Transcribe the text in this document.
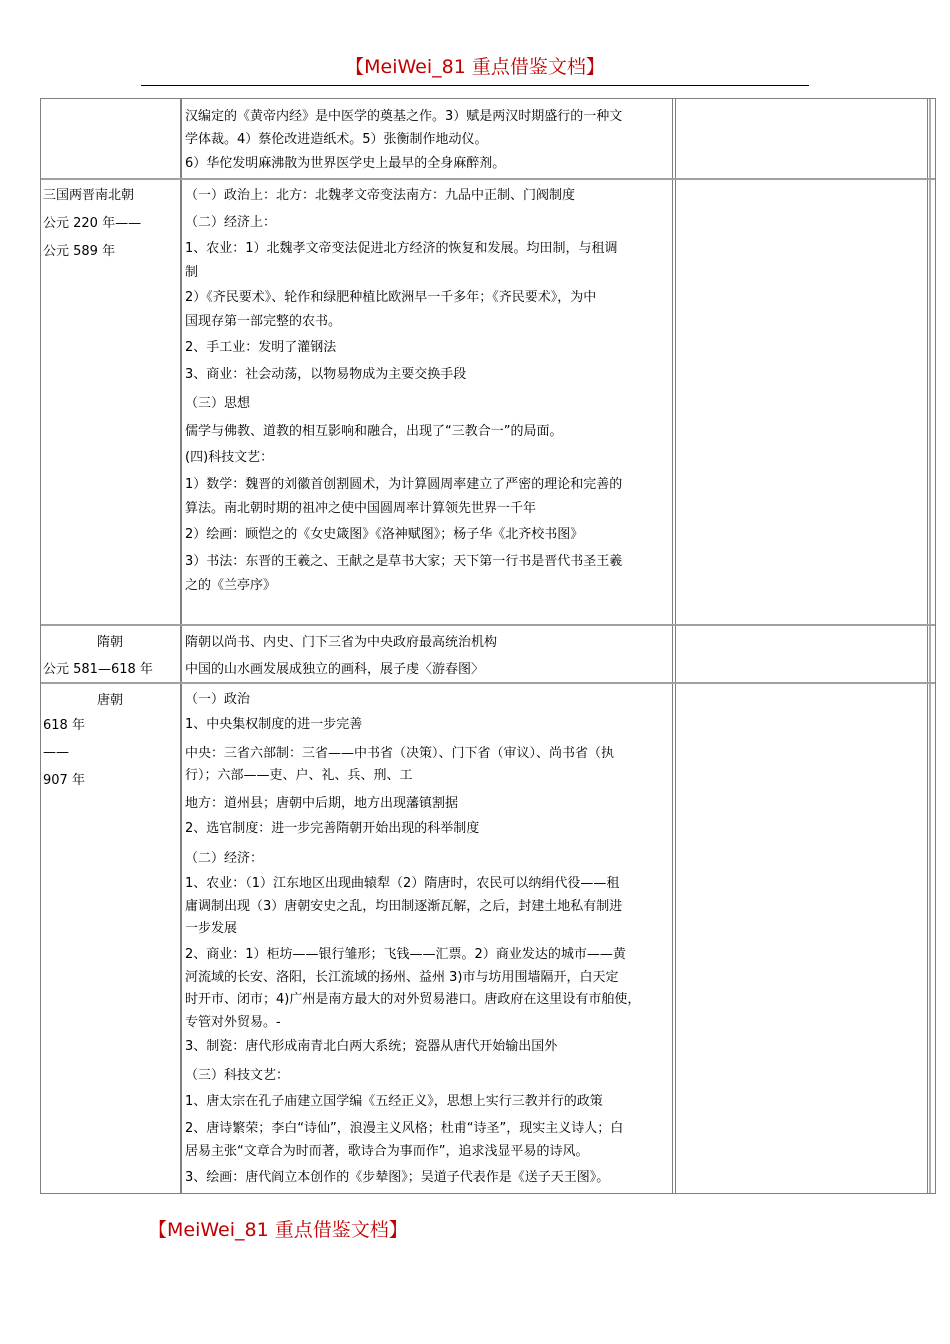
【MeiWei_81 重点借鉴文档】
汉编定的《黄帝内经》是中医学的奠基之作。3）赋是两汉时期盛行的一种文
学体裁。4）蔡伦改进造纸术。5）张衡制作地动仪。
6）华佗发明麻沸散为世界医学史上最早的全身麻醉剂。
三国两晋南北朝
公元 220 年——
公元 589 年
（一）政治上：北方：北魏孝文帝变法南方：九品中正制、门阀制度
（二）经济上：
1、农业：1）北魏孝文帝变法促进北方经济的恢复和发展。均田制，与租调
制
2）《齐民要术》、轮作和绿肥种植比欧洲早一千多年；《齐民要术》，为中
国现存第一部完整的农书。
2、手工业：发明了灌钢法
3、商业：社会动荡，以物易物成为主要交换手段
（三）思想
儒学与佛教、道教的相互影响和融合，出现了“三教合一”的局面。
(四)科技文艺：
1）数学：魏晋的刘徽首创割圆术，为计算圆周率建立了严密的理论和完善的
算法。南北朝时期的祖冲之使中国圆周率计算领先世界一千年
2）绘画：顾恺之的《女史箴图》《洛神赋图》；杨子华《北齐校书图》
3）书法：东晋的王羲之、王献之是草书大家；天下第一行书是晋代书圣王羲
之的《兰亭序》
隋朝
公元 581—618 年
隋朝以尚书、内史、门下三省为中央政府最高统治机构
中国的山水画发展成独立的画科，展子虔〈游春图〉
唐朝
618 年
——
907 年
（一）政治
1、中央集权制度的进一步完善
中央：三省六部制：三省——中书省（决策）、门下省（审议）、尚书省（执
行）；六部——吏、户、礼、兵、刑、工
地方：道州县；唐朝中后期，地方出现藩镇割据
2、选官制度：进一步完善隋朝开始出现的科举制度
（二）经济：
1、农业：（1）江东地区出现曲辕犁（2）隋唐时，农民可以纳绢代役——租
庸调制出现（3）唐朝安史之乱，均田制逐渐瓦解，之后，封建土地私有制进
一步发展
2、商业：1）柜坊——银行雏形；飞钱——汇票。2）商业发达的城市——黄
河流域的长安、洛阳，长江流域的扬州、益州 3)市与坊用围墙隔开，白天定
时开市、闭市；4)广州是南方最大的对外贸易港口。唐政府在这里设有市舶使，
专管对外贸易。-
3、制瓷：唐代形成南青北白两大系统；瓷器从唐代开始输出国外
（三）科技文艺：
1、唐太宗在孔子庙建立国学编《五经正义》，思想上实行三教并行的政策
2、唐诗繁荣；李白“诗仙”，浪漫主义风格；杜甫“诗圣”，现实主义诗人；白
居易主张“文章合为时而著，歌诗合为事而作”，追求浅显平易的诗风。
3、绘画：唐代阎立本创作的《步辇图》；吴道子代表作是《送子天王图》。
【MeiWei_81 重点借鉴文档】
